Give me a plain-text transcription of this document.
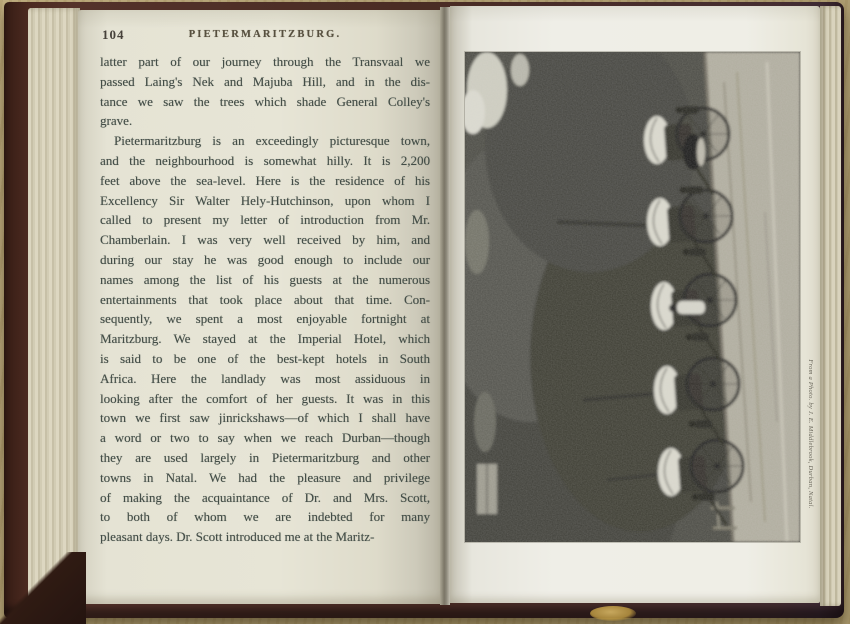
104	PIETERMARITZBURG.
latter part of our journey through the Transvaal we
passed Laing's Nek and Majuba Hill, and in the dis-
tance we saw the trees which shade General Colley's
grave.
Pietermaritzburg is an exceedingly picturesque town,
and the neighbourhood is somewhat hilly. It is 2,200
feet above the sea-level. Here is the residence of his
Excellency Sir Walter Hely-Hutchinson, upon whom I
called to present my letter of introduction from Mr.
Chamberlain. I was very well received by him, and
during our stay he was good enough to include our
names among the list of his guests at the numerous
entertainments that took place about that time. Con-
sequently, we spent a most enjoyable fortnight at
Maritzburg. We stayed at the Imperial Hotel, which
is said to be one of the best-kept hotels in South
Africa. Here the landlady was most assiduous in
looking after the comfort of her guests. It was in this
town we first saw jinrickshaws—of which I shall have
a word or two to say when we reach Durban—though
they are used largely in Pietermaritzburg and other
towns in Natal. We had the pleasure and privilege
of making the acquaintance of Dr. and Mrs. Scott,
to both of whom we are indebted for many
pleasant days. Dr. Scott introduced me at the Maritz-
From a Photo. by J. E. Middlebrook, Durban, Natal.
